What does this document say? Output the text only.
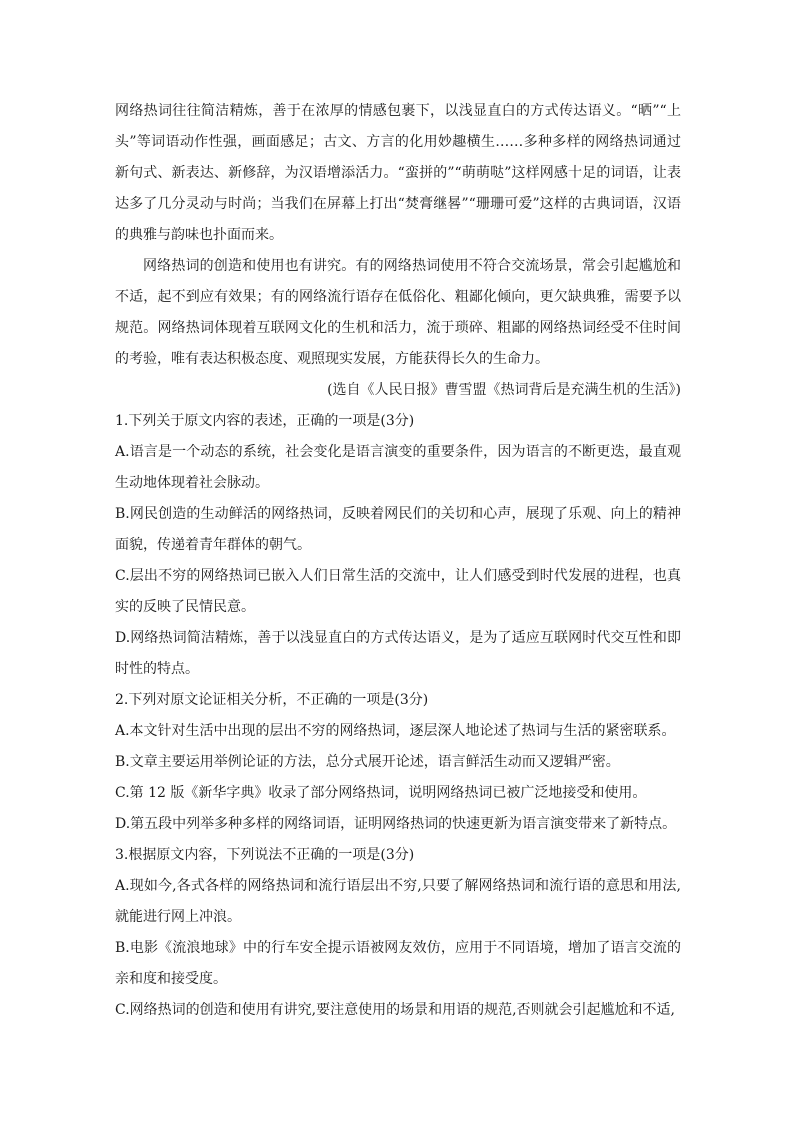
网络热词往往简洁精炼，善于在浓厚的情感包裹下，以浅显直白的方式传达语义。“晒”“上头”等词语动作性强，画面感足；古文、方言的化用妙趣横生……多种多样的网络热词通过新句式、新表达、新修辞，为汉语增添活力。“蛮拼的”“萌萌哒”这样网感十足的词语，让表达多了几分灵动与时尚；当我们在屏幕上打出“焚膏继晷”“珊珊可爱”这样的古典词语，汉语的典雅与韵味也扑面而来。

网络热词的创造和使用也有讲究。有的网络热词使用不符合交流场景，常会引起尴尬和不适，起不到应有效果；有的网络流行语存在低俗化、粗鄙化倾向，更欠缺典雅，需要予以规范。网络热词体现着互联网文化的生机和活力，流于琐碎、粗鄙的网络热词经受不住时间的考验，唯有表达积极态度、观照现实发展，方能获得长久的生命力。

(选自《人民日报》曹雪盟《热词背后是充满生机的生活》)

1.下列关于原文内容的表述，正确的一项是(3分)

A.语言是一个动态的系统，社会变化是语言演变的重要条件，因为语言的不断更迭，最直观生动地体现着社会脉动。

B.网民创造的生动鲜活的网络热词，反映着网民们的关切和心声，展现了乐观、向上的精神面貌，传递着青年群体的朝气。

C.层出不穷的网络热词已嵌入人们日常生活的交流中，让人们感受到时代发展的进程，也真实的反映了民情民意。

D.网络热词简洁精炼，善于以浅显直白的方式传达语义，是为了适应互联网时代交互性和即时性的特点。

2.下列对原文论证相关分析，不正确的一项是(3分)

A.本文针对生活中出现的层出不穷的网络热词，逐层深人地论述了热词与生活的紧密联系。

B.文章主要运用举例论证的方法，总分式展开论述，语言鲜活生动而又逻辑严密。

C.第 12 版《新华字典》收录了部分网络热词，说明网络热词已被广泛地接受和使用。

D.第五段中列举多种多样的网络词语，证明网络热词的快速更新为语言演变带来了新特点。

3.根据原文内容，下列说法不正确的一项是(3分)

A.现如今,各式各样的网络热词和流行语层出不穷,只要了解网络热词和流行语的意思和用法,就能进行网上冲浪。

B.电影《流浪地球》中的行车安全提示语被网友效仿，应用于不同语境，增加了语言交流的亲和度和接受度。

C.网络热词的创造和使用有讲究,要注意使用的场景和用语的规范,否则就会引起尴尬和不适,
